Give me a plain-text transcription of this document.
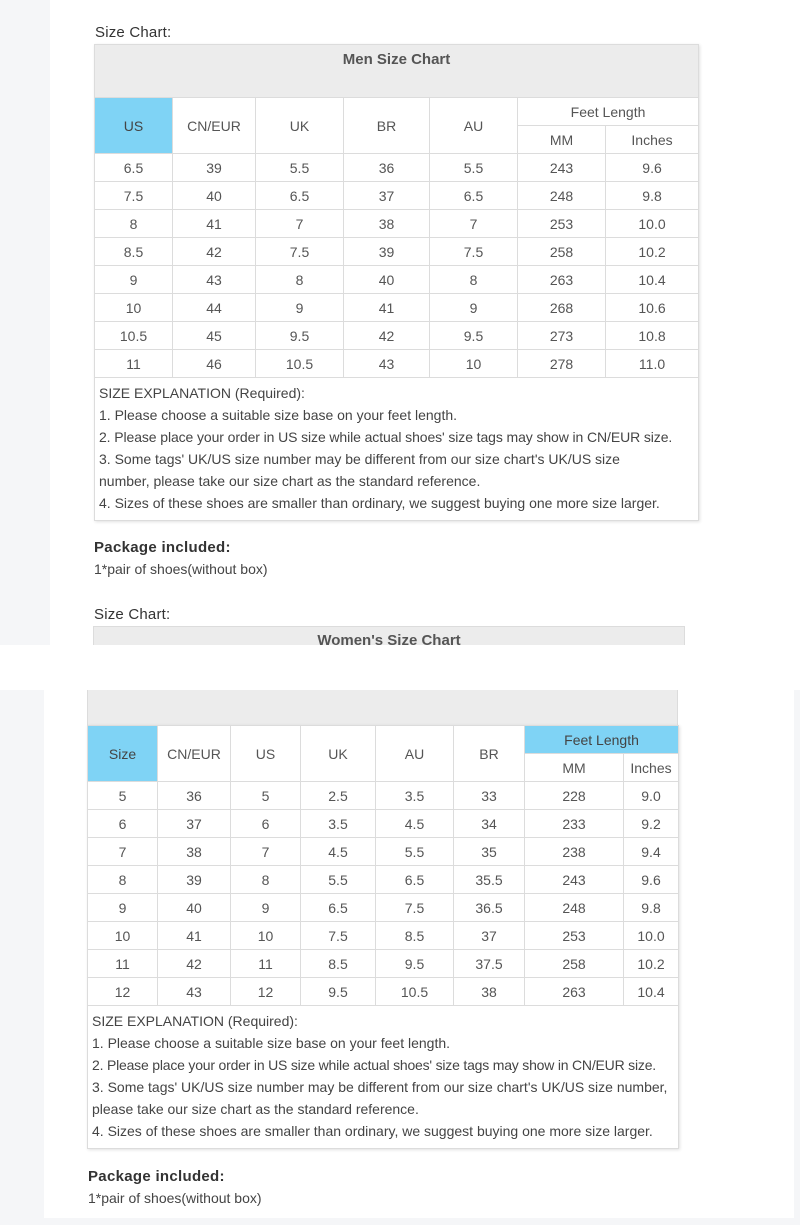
Size Chart:
Men Size Chart						
US	CN/EUR	UK	BR	AU	Feet Length	
					MM	Inches
6.5	39	5.5	36	5.5	243	9.6
7.5	40	6.5	37	6.5	248	9.8
8	41	7	38	7	253	10.0
8.5	42	7.5	39	7.5	258	10.2
9	43	8	40	8	263	10.4
10	44	9	41	9	268	10.6
10.5	45	9.5	42	9.5	273	10.8
11	46	10.5	43	10	278	11.0

SIZE EXPLANATION (Required):

1. Please choose a suitable size base on your feet length.

2. Please place your order in US size while actual shoes' size tags may show in CN/EUR size.

3. Some tags' UK/US size number may be different from our size chart's UK/US size number, please take our size chart as the standard reference.

4. Sizes of these shoes are smaller than ordinary, we suggest buying one more size larger.						

Package included:
1*pair of shoes(without box)
Size Chart:
Women's Size Chart
Size	CN/EUR	US	UK	AU	BR	Feet Length	
						MM	Inches
5	36	5	2.5	3.5	33	228	9.0
6	37	6	3.5	4.5	34	233	9.2
7	38	7	4.5	5.5	35	238	9.4
8	39	8	5.5	6.5	35.5	243	9.6
9	40	9	6.5	7.5	36.5	248	9.8
10	41	10	7.5	8.5	37	253	10.0
11	42	11	8.5	9.5	37.5	258	10.2
12	43	12	9.5	10.5	38	263	10.4

SIZE EXPLANATION (Required):

1. Please choose a suitable size base on your feet length.

2. Please place your order in US size while actual shoes' size tags may show in CN/EUR size.

3. Some tags' UK/US size number may be different from our size chart's UK/US size number, please take our size chart as the standard reference.

4. Sizes of these shoes are smaller than ordinary, we suggest buying one more size larger.							

Package included:
1*pair of shoes(without box)
